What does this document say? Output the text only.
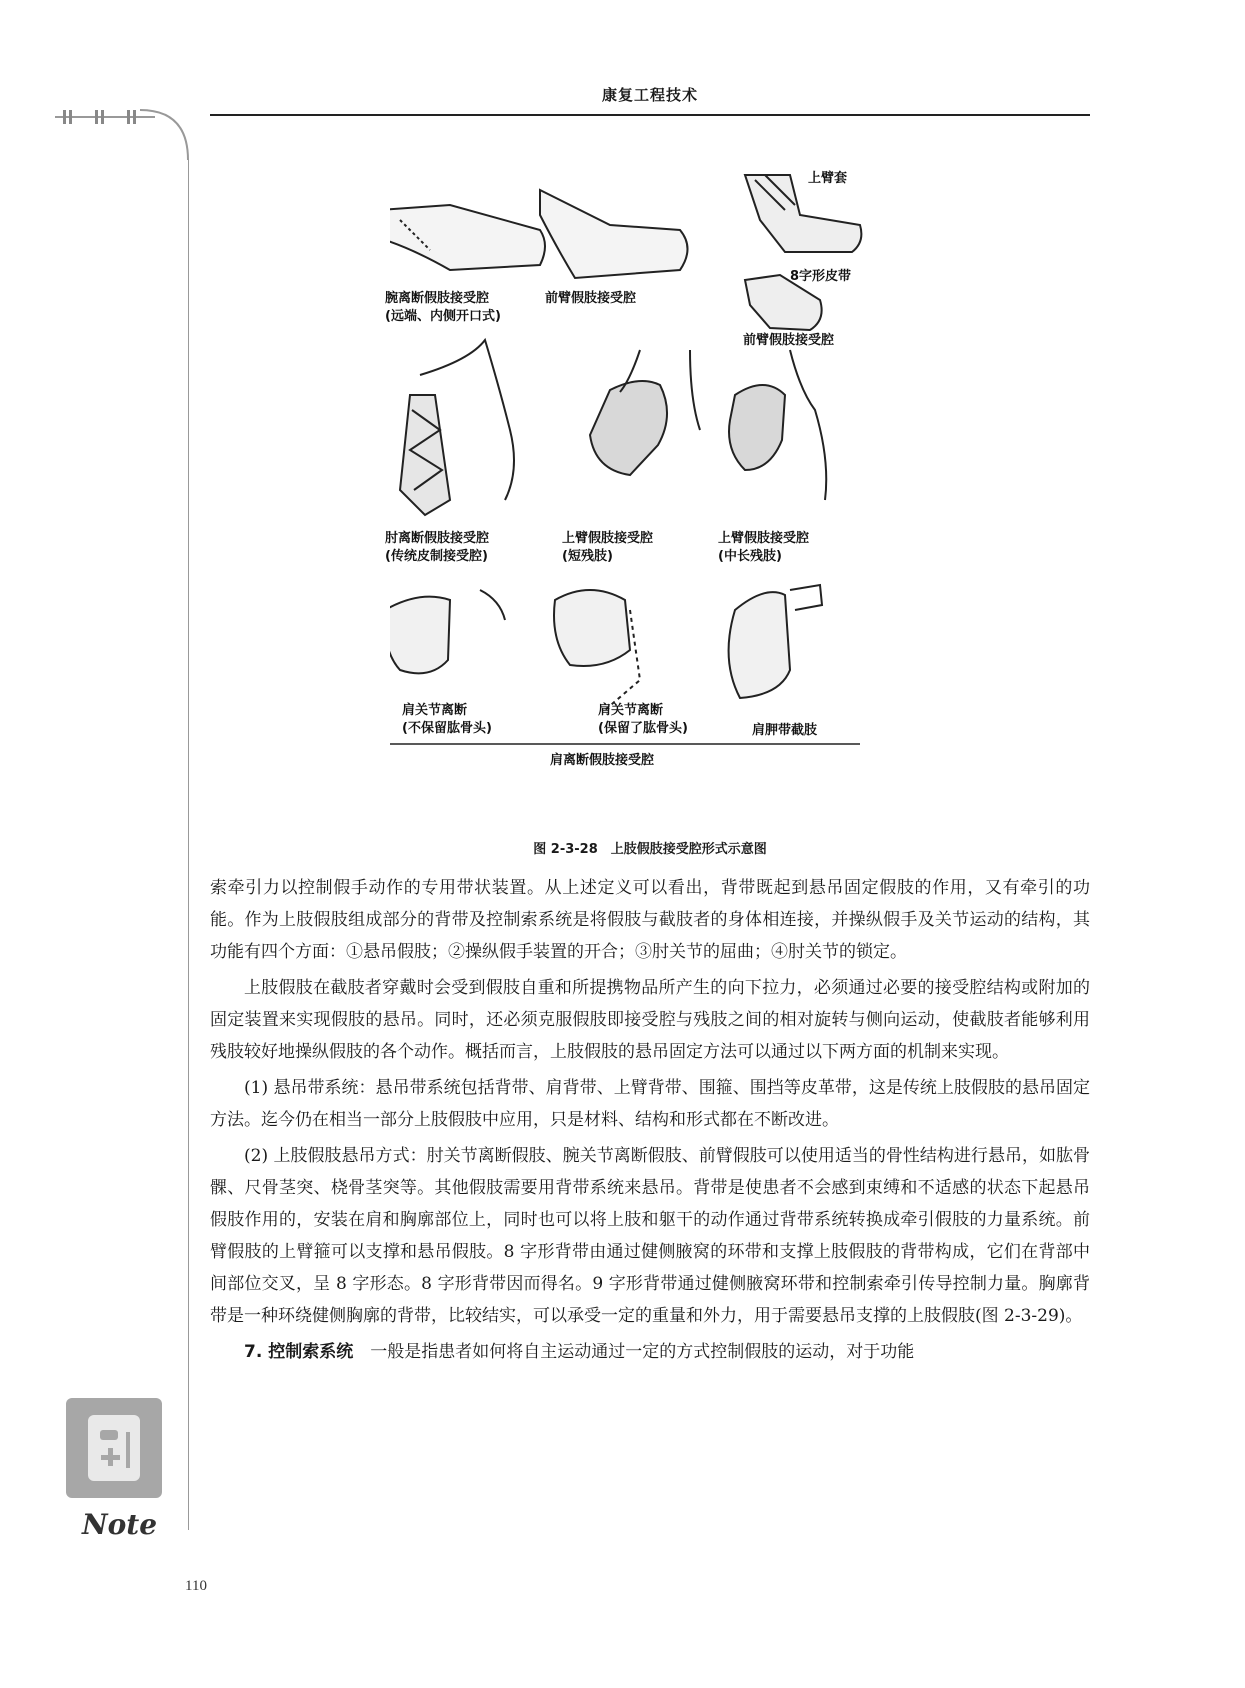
康复工程技术
腕离断假肢接受腔
(远端、内侧开口式)
前臂假肢接受腔
上臂套
8字形皮带
前臂假肢接受腔
肘离断假肢接受腔
(传统皮制接受腔)
上臂假肢接受腔
(短残肢)
上臂假肢接受腔
(中长残肢)
肩关节离断
(不保留肱骨头)
肩关节离断
(保留了肱骨头)	肩胛带截肢
肩离断假肢接受腔
图 2-3-28　上肢假肢接受腔形式示意图

索牵引力以控制假手动作的专用带状装置。从上述定义可以看出，背带既起到悬吊固定假肢的作用，又有牵引的功能。作为上肢假肢组成部分的背带及控制索系统是将假肢与截肢者的身体相连接，并操纵假手及关节运动的结构，其功能有四个方面：①悬吊假肢；②操纵假手装置的开合；③肘关节的屈曲；④肘关节的锁定。

上肢假肢在截肢者穿戴时会受到假肢自重和所提携物品所产生的向下拉力，必须通过必要的接受腔结构或附加的固定装置来实现假肢的悬吊。同时，还必须克服假肢即接受腔与残肢之间的相对旋转与侧向运动，使截肢者能够利用残肢较好地操纵假肢的各个动作。概括而言，上肢假肢的悬吊固定方法可以通过以下两方面的机制来实现。

(1) 悬吊带系统：悬吊带系统包括背带、肩背带、上臂背带、围箍、围挡等皮革带，这是传统上肢假肢的悬吊固定方法。迄今仍在相当一部分上肢假肢中应用，只是材料、结构和形式都在不断改进。

(2) 上肢假肢悬吊方式：肘关节离断假肢、腕关节离断假肢、前臂假肢可以使用适当的骨性结构进行悬吊，如肱骨髁、尺骨茎突、桡骨茎突等。其他假肢需要用背带系统来悬吊。背带是使患者不会感到束缚和不适感的状态下起悬吊假肢作用的，安装在肩和胸廓部位上，同时也可以将上肢和躯干的动作通过背带系统转换成牵引假肢的力量系统。前臂假肢的上臂箍可以支撑和悬吊假肢。8 字形背带由通过健侧腋窝的环带和支撑上肢假肢的背带构成，它们在背部中间部位交叉，呈 8 字形态。8 字形背带因而得名。9 字形背带通过健侧腋窝环带和控制索牵引传导控制力量。胸廓背带是一种环绕健侧胸廓的背带，比较结实，可以承受一定的重量和外力，用于需要悬吊支撑的上肢假肢(图 2-3-29)。

7. 控制索系统　一般是指患者如何将自主运动通过一定的方式控制假肢的运动，对于功能

Note
110
